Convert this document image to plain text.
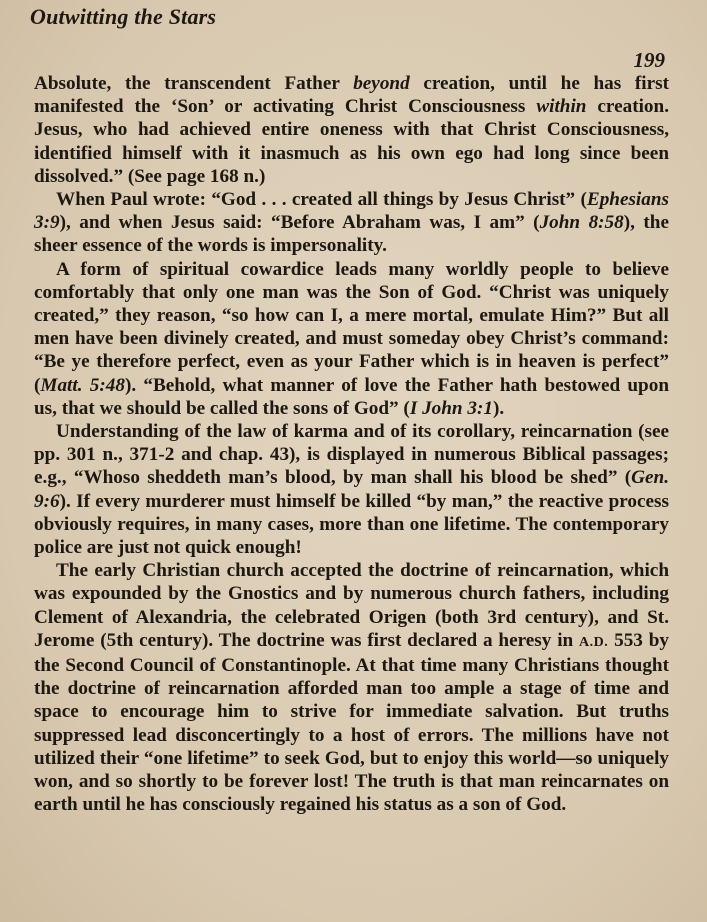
Outwitting the Stars
199

Absolute, the transcendent Father beyond creation, until he has first manifested the ‘Son’ or activating Christ Consciousness within creation. Jesus, who had achieved entire oneness with that Christ Consciousness, identified himself with it inasmuch as his own ego had long since been dissolved.” (See page 168 n.)

When Paul wrote: “God . . . created all things by Jesus Christ” (Ephesians 3:9), and when Jesus said: “Before Abraham was, I am” (John 8:58), the sheer essence of the words is impersonality.

A form of spiritual cowardice leads many worldly people to believe comfortably that only one man was the Son of God. “Christ was uniquely created,” they reason, “so how can I, a mere mortal, emulate Him?” But all men have been divinely created, and must someday obey Christ’s command: “Be ye therefore perfect, even as your Father which is in heaven is perfect” (Matt. 5:48). “Behold, what manner of love the Father hath bestowed upon us, that we should be called the sons of God” (I John 3:1).

Understanding of the law of karma and of its corollary, reincarnation (see pp. 301 n., 371-2 and chap. 43), is displayed in numerous Biblical passages; e.g., “Whoso sheddeth man’s blood, by man shall his blood be shed” (Gen. 9:6). If every murderer must himself be killed “by man,” the reactive process obviously requires, in many cases, more than one lifetime. The contemporary police are just not quick enough!

The early Christian church accepted the doctrine of reincarnation, which was expounded by the Gnostics and by numerous church fathers, including Clement of Alexandria, the celebrated Origen (both 3rd century), and St. Jerome (5th century). The doctrine was first declared a heresy in A.D. 553 by the Second Council of Constantinople. At that time many Christians thought the doctrine of reincarnation afforded man too ample a stage of time and space to encourage him to strive for immediate salvation. But truths suppressed lead disconcertingly to a host of errors. The millions have not utilized their “one lifetime” to seek God, but to enjoy this world—so uniquely won, and so shortly to be forever lost! The truth is that man reincarnates on earth until he has consciously regained his status as a son of God.
